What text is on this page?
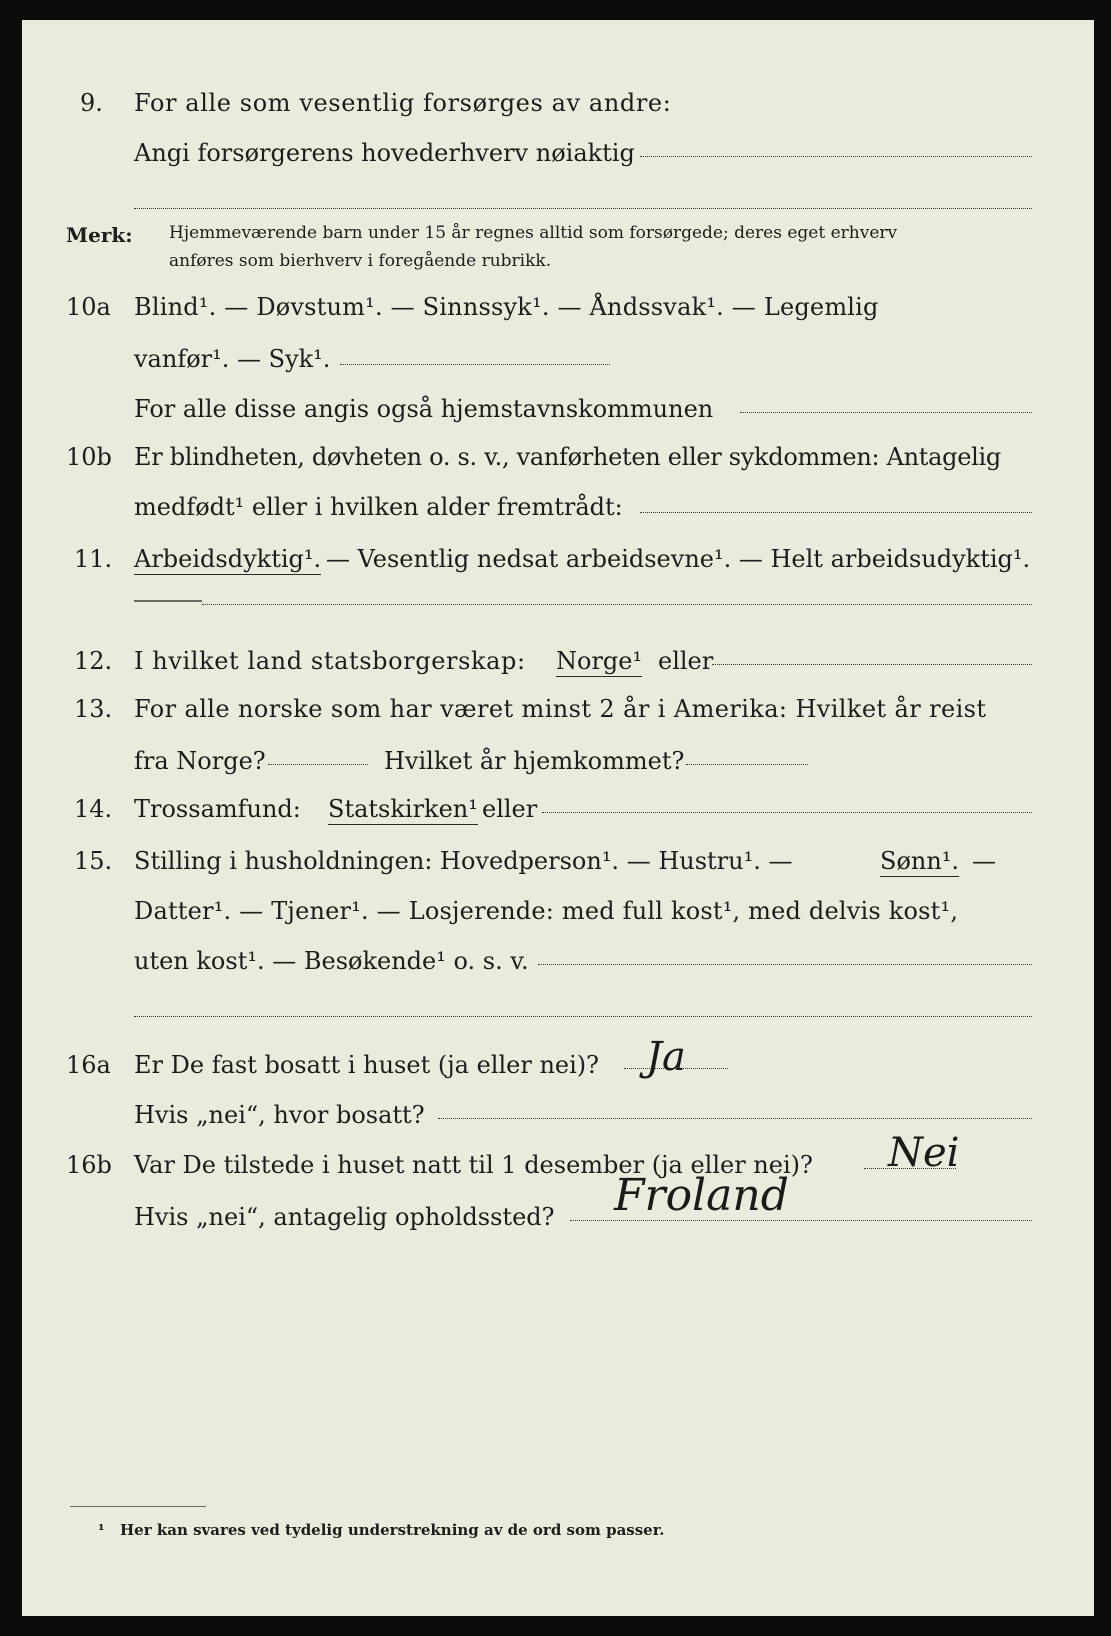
9. For alle som vesentlig forsørges av andre:
Angi forsørgerens hovederhverv nøiaktig
Merk: Hjemmeværende barn under 15 år regnes alltid som forsørgede; deres eget erhverv
anføres som bierhverv i foregående rubrikk.
10a Blind¹. — Døvstum¹. — Sinnssyk¹. — Åndssvak¹. — Legemlig
vanfør¹. — Syk¹.
For alle disse angis også hjemstavnskommunen
10b Er blindheten, døvheten o. s. v., vanførheten eller sykdommen: Antagelig
medfødt¹ eller i hvilken alder fremtrådt:
11. Arbeidsdyktig¹. — Vesentlig nedsat arbeidsevne¹. — Helt arbeidsudyktig¹.
12. I hvilket land statsborgerskap: Norge¹ eller
13. For alle norske som har været minst 2 år i Amerika: Hvilket år reist
fra Norge?	Hvilket år hjemkommet?
14. Trossamfund: Statskirken¹ eller
15. Stilling i husholdningen: Hovedperson¹. — Hustru¹. —	Sønn¹. —
Datter¹. — Tjener¹. — Losjerende: med full kost¹, med delvis kost¹,
uten kost¹. — Besøkende¹ o. s. v.
16a Er De fast bosatt i huset (ja eller nei)? Ja
Hvis „nei“, hvor bosatt?
16b Var De tilstede i huset natt til 1 desember (ja eller nei)? Nei
Hvis „nei“, antagelig opholdssted? Froland
¹ Her kan svares ved tydelig understrekning av de ord som passer.
